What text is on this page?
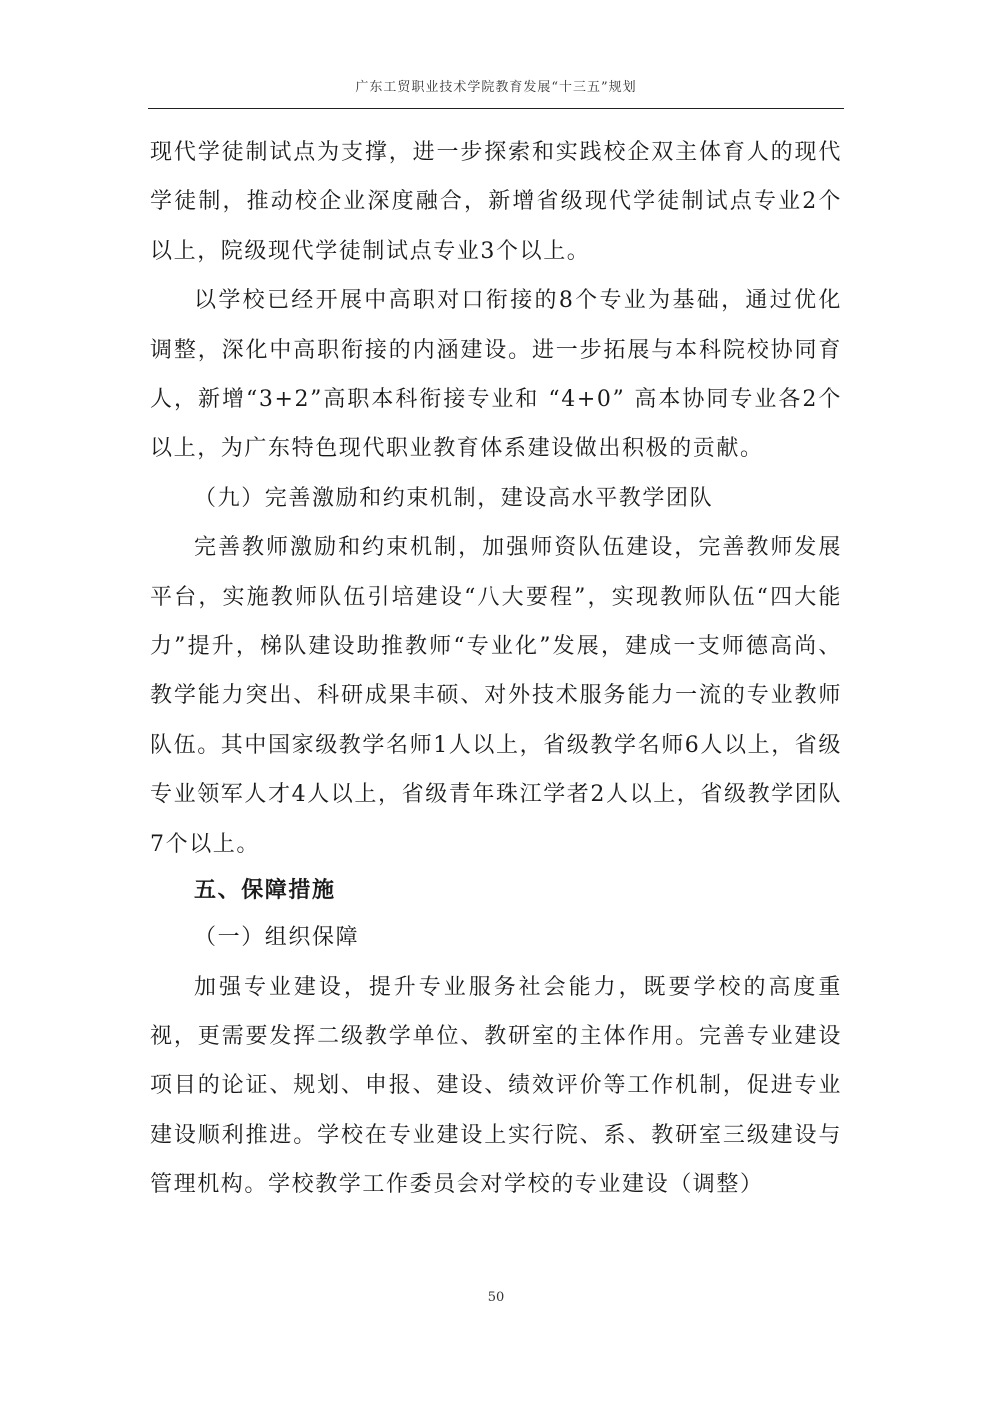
广东工贸职业技术学院教育发展“十三五”规划

现代学徒制试点为支撑，进一步探索和实践校企双主体育人的现代学徒制，推动校企业深度融合，新增省级现代学徒制试点专业2个以上，院级现代学徒制试点专业3个以上。

以学校已经开展中高职对口衔接的8个专业为基础，通过优化调整，深化中高职衔接的内涵建设。进一步拓展与本科院校协同育人，新增“3+2”高职本科衔接专业和 “4+0” 高本协同专业各2个以上，为广东特色现代职业教育体系建设做出积极的贡献。

（九）完善激励和约束机制，建设高水平教学团队

完善教师激励和约束机制，加强师资队伍建设，完善教师发展平台，实施教师队伍引培建设“八大要程”，实现教师队伍“四大能力”提升，梯队建设助推教师“专业化”发展，建成一支师德高尚、教学能力突出、科研成果丰硕、对外技术服务能力一流的专业教师队伍。其中国家级教学名师1人以上，省级教学名师6人以上，省级专业领军人才4人以上，省级青年珠江学者2人以上，省级教学团队7个以上。

五、保障措施

（一）组织保障

加强专业建设，提升专业服务社会能力，既要学校的高度重视，更需要发挥二级教学单位、教研室的主体作用。完善专业建设项目的论证、规划、申报、建设、绩效评价等工作机制，促进专业建设顺利推进。学校在专业建设上实行院、系、教研室三级建设与管理机构。学校教学工作委员会对学校的专业建设（调整）

50
